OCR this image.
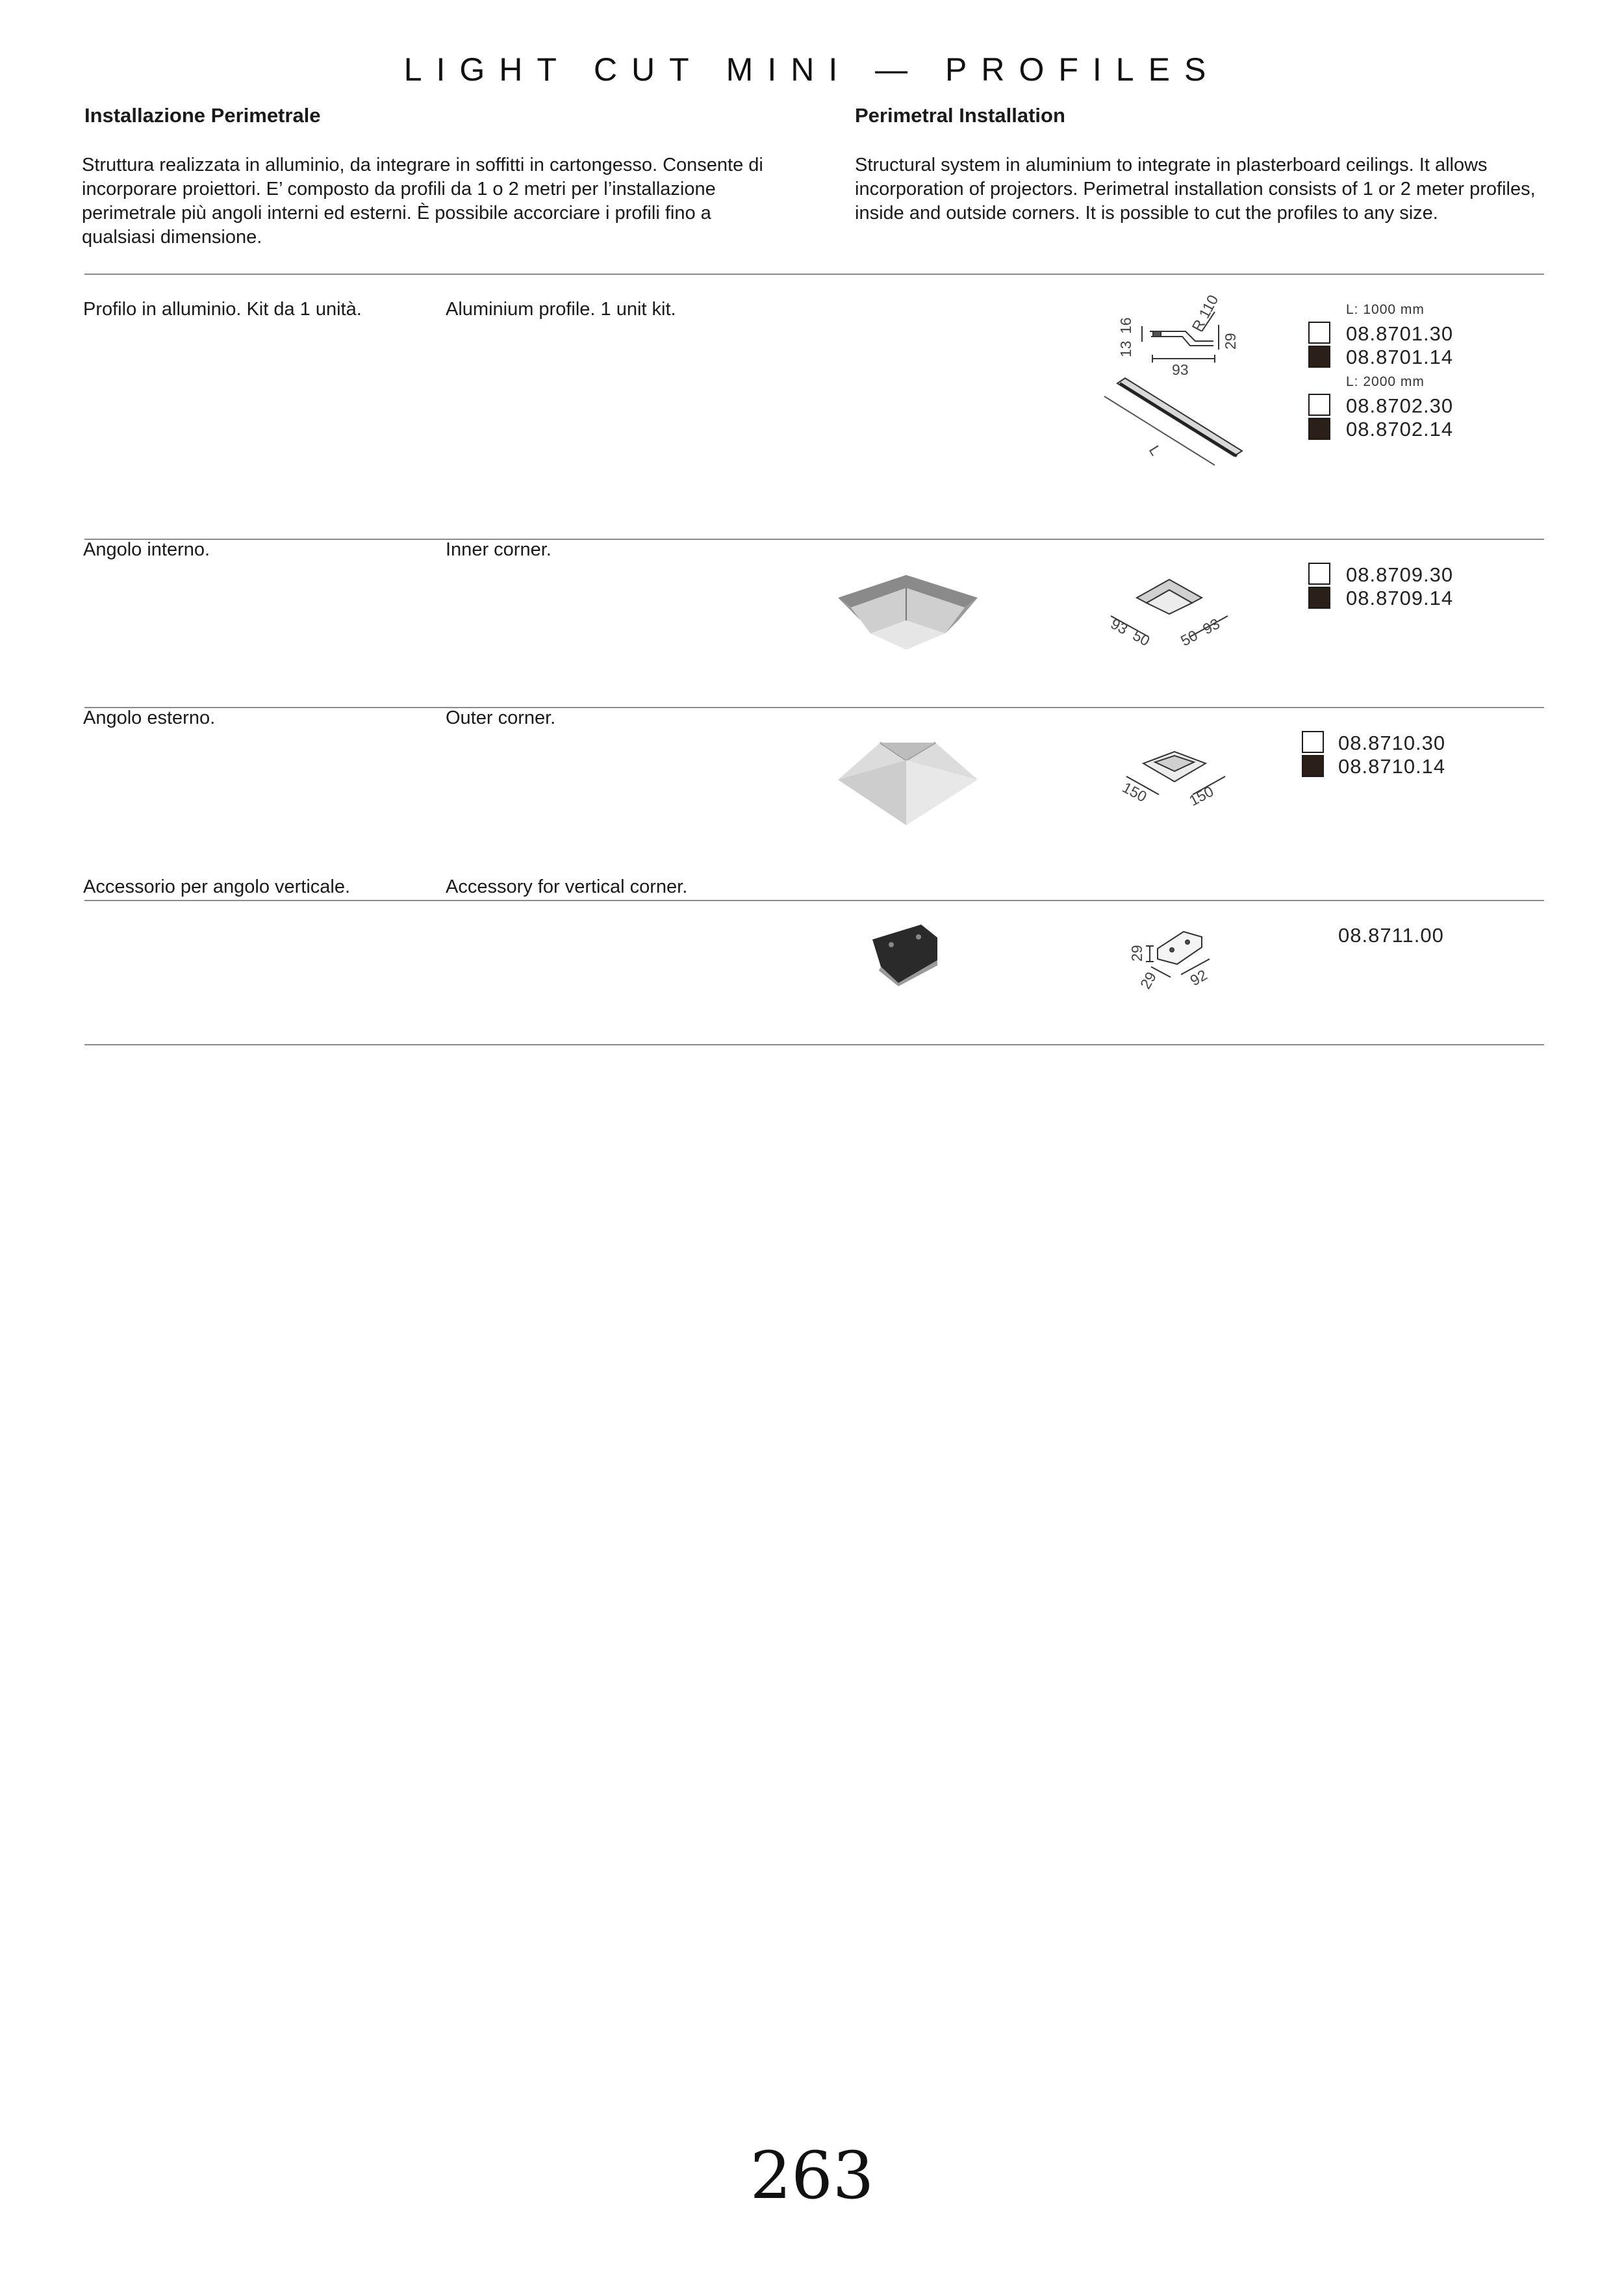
LIGHT CUT MINI — PROFILES
Installazione Perimetrale
Struttura realizzata in alluminio, da integrare in soffitti in cartongesso. Consente di incorporare proiettori. E’ composto da profili da 1 o 2 metri per l’installazione perimetrale più angoli interni ed esterni. È possibile accorciare i profili fino a qualsiasi dimensione.
Perimetral Installation
Structural system in aluminium to integrate in plasterboard ceilings. It allows incorporation of projectors. Perimetral installation consists of 1 or 2 meter profiles, inside and outside corners. It is possible to cut the profiles to any size.
Profilo in alluminio. Kit da 1 unità.	Aluminium profile. 1 unit kit.
13
16	R 110
29
93
L
L: 1000 mm
08.8701.30
08.8701.14
L: 2000 mm
08.8702.30
08.8702.14
Angolo interno.	Inner corner.
93
50 50
93
08.8709.30
08.8709.14
Angolo esterno.	Outer corner.
150 150
08.8710.30
08.8710.14
Accessorio per angolo verticale.	Accessory for vertical corner.
29
29 92
08.8711.00
263
